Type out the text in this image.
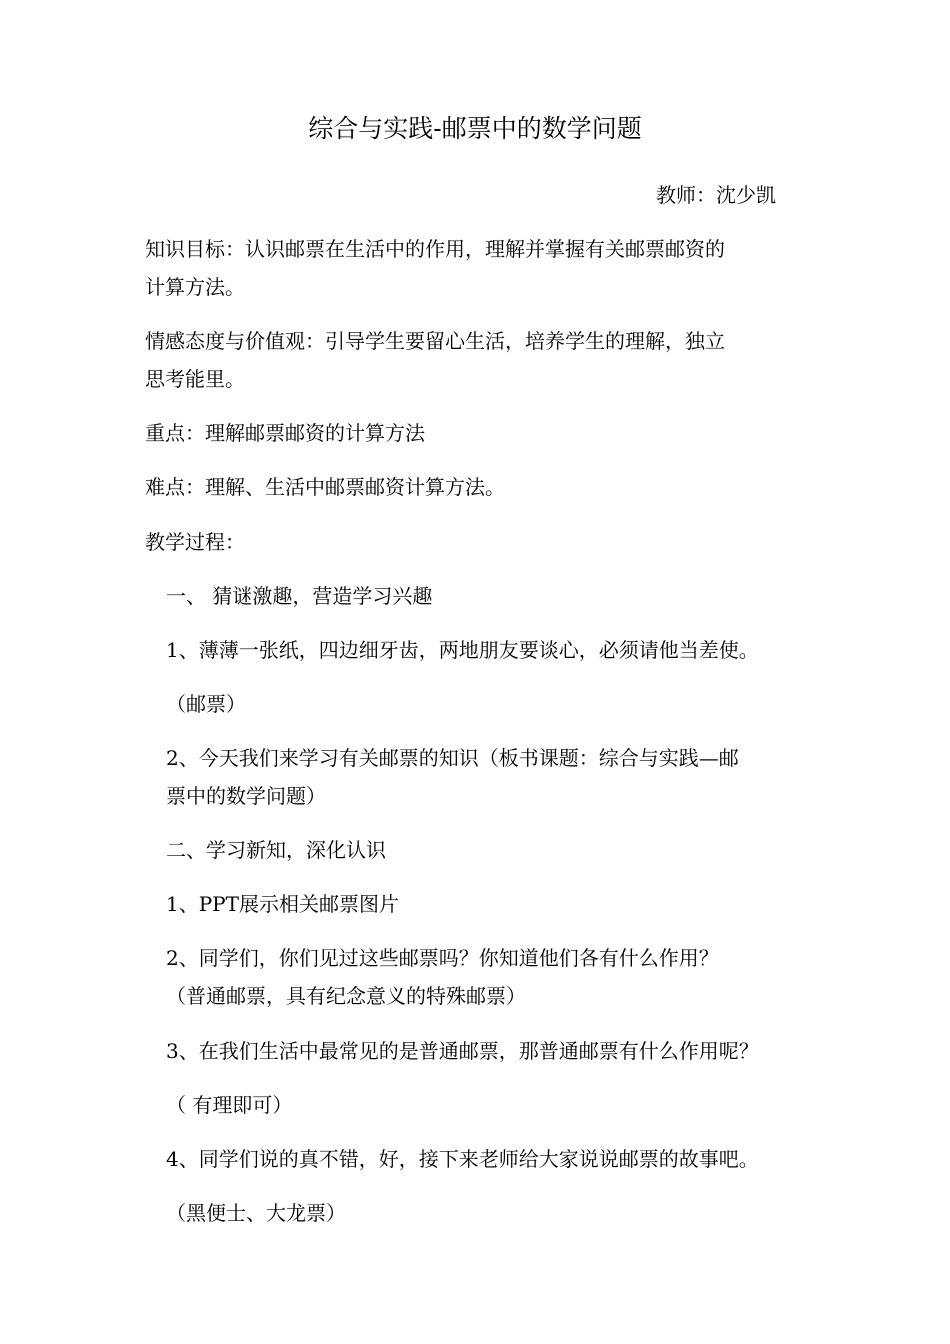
综合与实践-邮票中的数学问题
教师：沈少凯
知识目标：认识邮票在生活中的作用，理解并掌握有关邮票邮资的
计算方法。
情感态度与价值观：引导学生要留心生活，培养学生的理解，独立
思考能里。
重点：理解邮票邮资的计算方法
难点：理解、生活中邮票邮资计算方法。
教学过程：
一、 猜谜激趣，营造学习兴趣
1、薄薄一张纸，四边细牙齿，两地朋友要谈心，必须请他当差使。
（邮票）
2、今天我们来学习有关邮票的知识（板书课题：综合与实践—邮
票中的数学问题）
二、学习新知，深化认识
1、PPT展示相关邮票图片
2、同学们，你们见过这些邮票吗？你知道他们各有什么作用？
（普通邮票，具有纪念意义的特殊邮票）
3、在我们生活中最常见的是普通邮票，那普通邮票有什么作用呢？
（ 有理即可）
4、同学们说的真不错，好，接下来老师给大家说说邮票的故事吧。
（黑便士、大龙票）
